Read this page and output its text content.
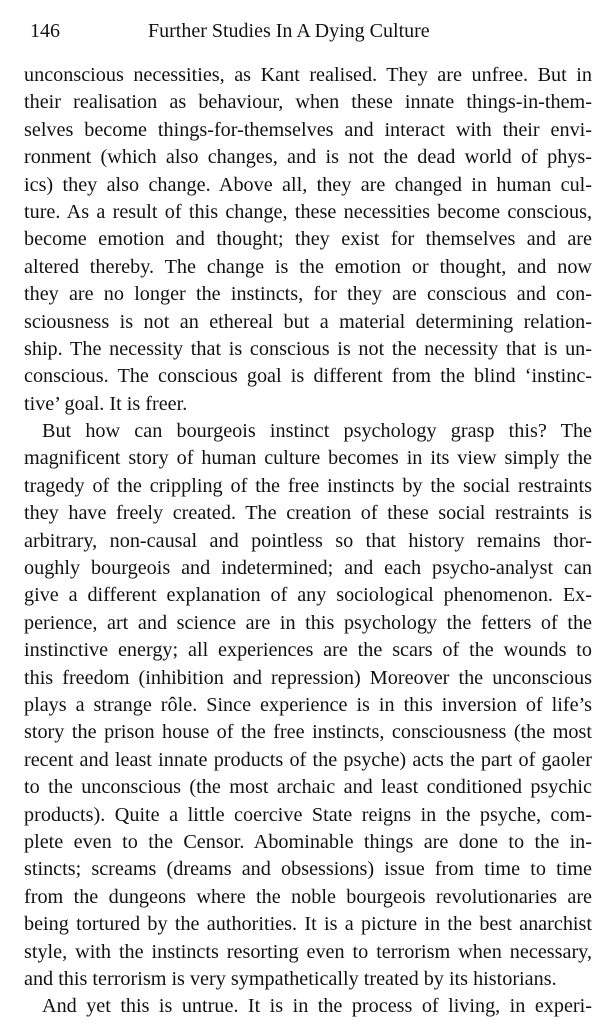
146	Further Studies In A Dying Culture
unconscious necessities, as Kant realised. They are unfree. But in
their realisation as behaviour, when these innate things-in-them-
selves become things-for-themselves and interact with their envi-
ronment (which also changes, and is not the dead world of phys-
ics) they also change. Above all, they are changed in human cul-
ture. As a result of this change, these necessities become conscious,
become emotion and thought; they exist for themselves and are
altered thereby. The change is the emotion or thought, and now
they are no longer the instincts, for they are conscious and con-
sciousness is not an ethereal but a material determining relation-
ship. The necessity that is conscious is not the necessity that is un-
conscious. The conscious goal is different from the blind ‘instinc-
tive’ goal. It is freer.
But how can bourgeois instinct psychology grasp this? The
magnificent story of human culture becomes in its view simply the
tragedy of the crippling of the free instincts by the social restraints
they have freely created. The creation of these social restraints is
arbitrary, non-causal and pointless so that history remains thor-
oughly bourgeois and indetermined; and each psycho-analyst can
give a different explanation of any sociological phenomenon. Ex-
perience, art and science are in this psychology the fetters of the
instinctive energy; all experiences are the scars of the wounds to
this freedom (inhibition and repression) Moreover the unconscious
plays a strange rôle. Since experience is in this inversion of life’s
story the prison house of the free instincts, consciousness (the most
recent and least innate products of the psyche) acts the part of gaoler
to the unconscious (the most archaic and least conditioned psychic
products). Quite a little coercive State reigns in the psyche, com-
plete even to the Censor. Abominable things are done to the in-
stincts; screams (dreams and obsessions) issue from time to time
from the dungeons where the noble bourgeois revolutionaries are
being tortured by the authorities. It is a picture in the best anarchist
style, with the instincts resorting even to terrorism when necessary,
and this terrorism is very sympathetically treated by its historians.
And yet this is untrue. It is in the process of living, in experi-
